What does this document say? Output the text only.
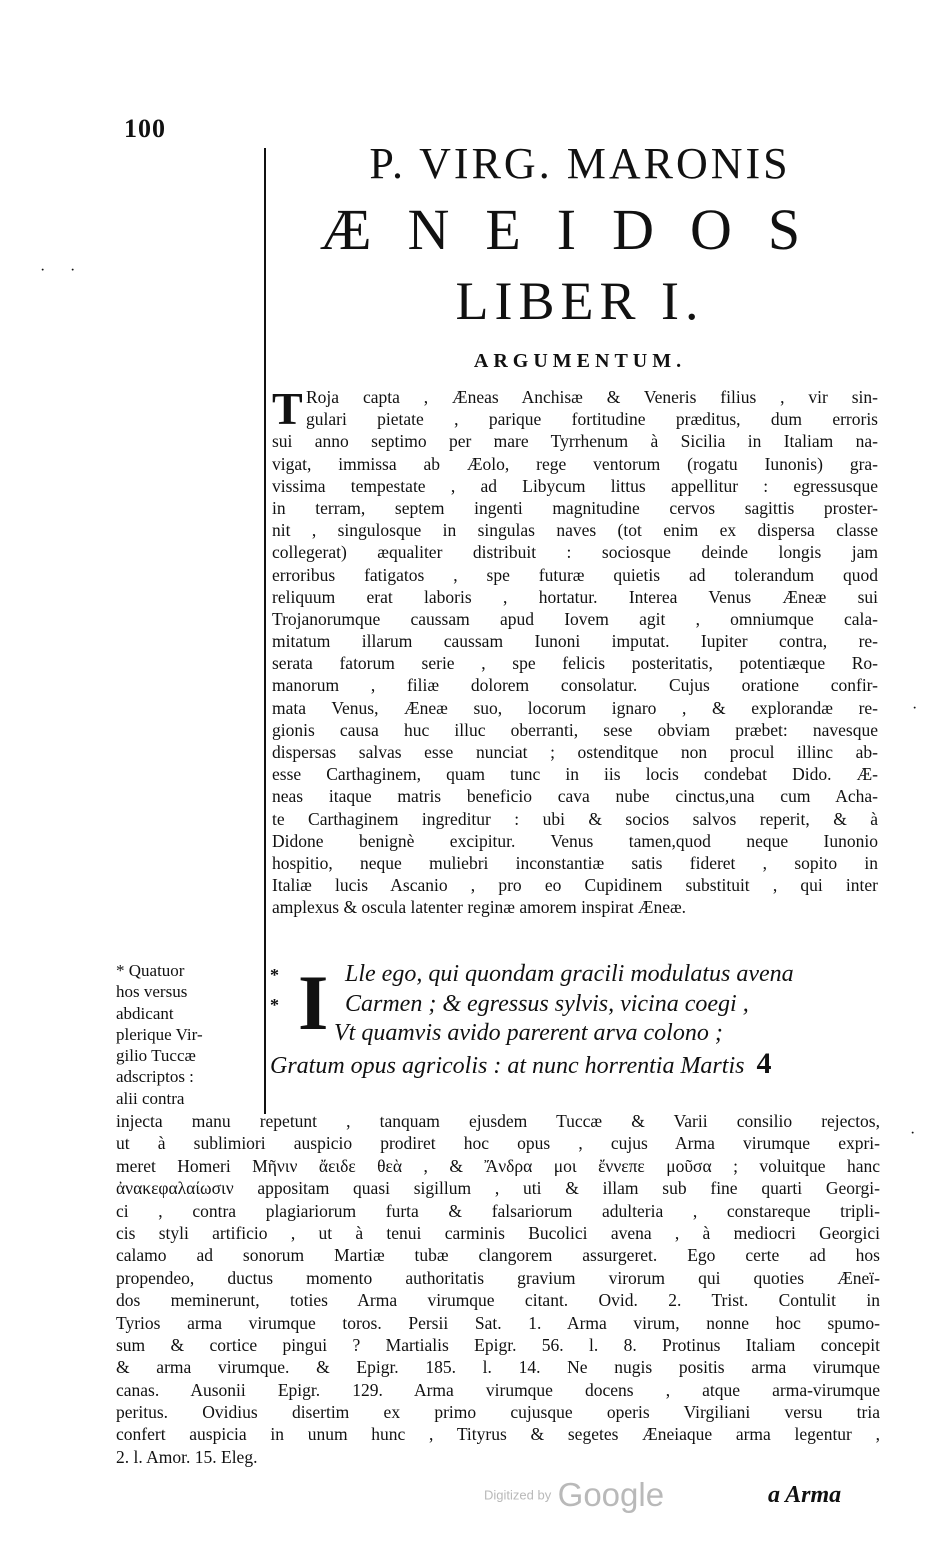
100
P. VIRG. MARONIS
ÆNEIDOS
LIBER I.
ARGUMENTUM.
T Roja capta , Æneas Anchisæ & Veneris filius , vir sin-
gulari pietate , parique fortitudine præditus, dum erroris
sui anno septimo per mare Tyrrhenum à Sicilia in Italiam na-
vigat, immissa ab Æolo, rege ventorum (rogatu Iunonis) gra-
vissima tempestate , ad Libycum littus appellitur : egressusque
in terram, septem ingenti magnitudine cervos sagittis proster-
nit , singulosque in singulas naves (tot enim ex dispersa classe
collegerat) æqualiter distribuit : sociosque deinde longis jam
erroribus fatigatos , spe futuræ quietis ad tolerandum quod
reliquum erat laboris , hortatur. Interea Venus Æneæ sui
Trojanorumque caussam apud Iovem agit , omniumque cala-
mitatum illarum caussam Iunoni imputat. Iupiter contra, re-
serata fatorum serie , spe felicis posteritatis, potentiæque Ro-
manorum , filiæ dolorem consolatur. Cujus oratione confir-
mata Venus, Æneæ suo, locorum ignaro , & explorandæ re-
gionis causa huc illuc oberranti, sese obviam præbet: navesque
dispersas salvas esse nunciat ; ostenditque non procul illinc ab-
esse Carthaginem, quam tunc in iis locis condebat Dido. Æ-
neas itaque matris beneficio cava nube cinctus,una cum Acha-
te Carthaginem ingreditur : ubi & socios salvos reperit, & à
Didone benignè excipitur. Venus tamen,quod neque Iunonio
hospitio, neque muliebri inconstantiæ satis fideret , sopito in
Italiæ lucis Ascanio , pro eo Cupidinem substituit , qui inter
amplexus & oscula latenter reginæ amorem inspirat Æneæ.
* Quatuor
hos versus
abdicant
plerique Vir-
gilio Tuccæ
adscriptos :
alii contra
I
*	Lle ego, qui quondam gracili modulatus avena
*	Carmen ; & egressus sylvis, vicina coegi ,
Vt quamvis avido parerent arva colono ;
Gratum opus agricolis : at nunc horrentia Martis 4
injecta manu repetunt , tanquam ejusdem Tuccæ & Varii consilio rejectos,
ut à sublimiori auspicio prodiret hoc opus , cujus Arma virumque expri-
meret Homeri Μῆνιν ἄειδε θεὰ , & Ἄνδρα μοι ἔννεπε μοῦσα ; voluitque hanc
ἀνακεφαλαίωσιν appositam quasi sigillum , uti & illam sub fine quarti Georgi-
ci , contra plagiariorum furta & falsariorum adulteria , constareque tripli-
cis styli artificio , ut à tenui carminis Bucolici avena , à mediocri Georgici
calamo ad sonorum Martiæ tubæ clangorem assurgeret. Ego certe ad hos
propendeo, ductus momento authoritatis gravium virorum qui quoties Æneï-
dos meminerunt, toties Arma virumque citant. Ovid. 2. Trist. Contulit in
Tyrios arma virumque toros. Persii Sat. 1. Arma virum, nonne hoc spumo-
sum & cortice pingui ? Martialis Epigr. 56. l. 8. Protinus Italiam concepit
& arma virumque. & Epigr. 185. l. 14. Ne nugis positis arma virumque
canas. Ausonii Epigr. 129. Arma virumque docens , atque arma-virumque
peritus. Ovidius disertim ex primo cujusque operis Virgiliani versu tria
confert auspicia in unum hunc , Tityrus & segetes Æneiaque arma legentur ,
2. l. Amor. 15. Eleg.
Digitized by Google	a Arma
· ·
·
·
